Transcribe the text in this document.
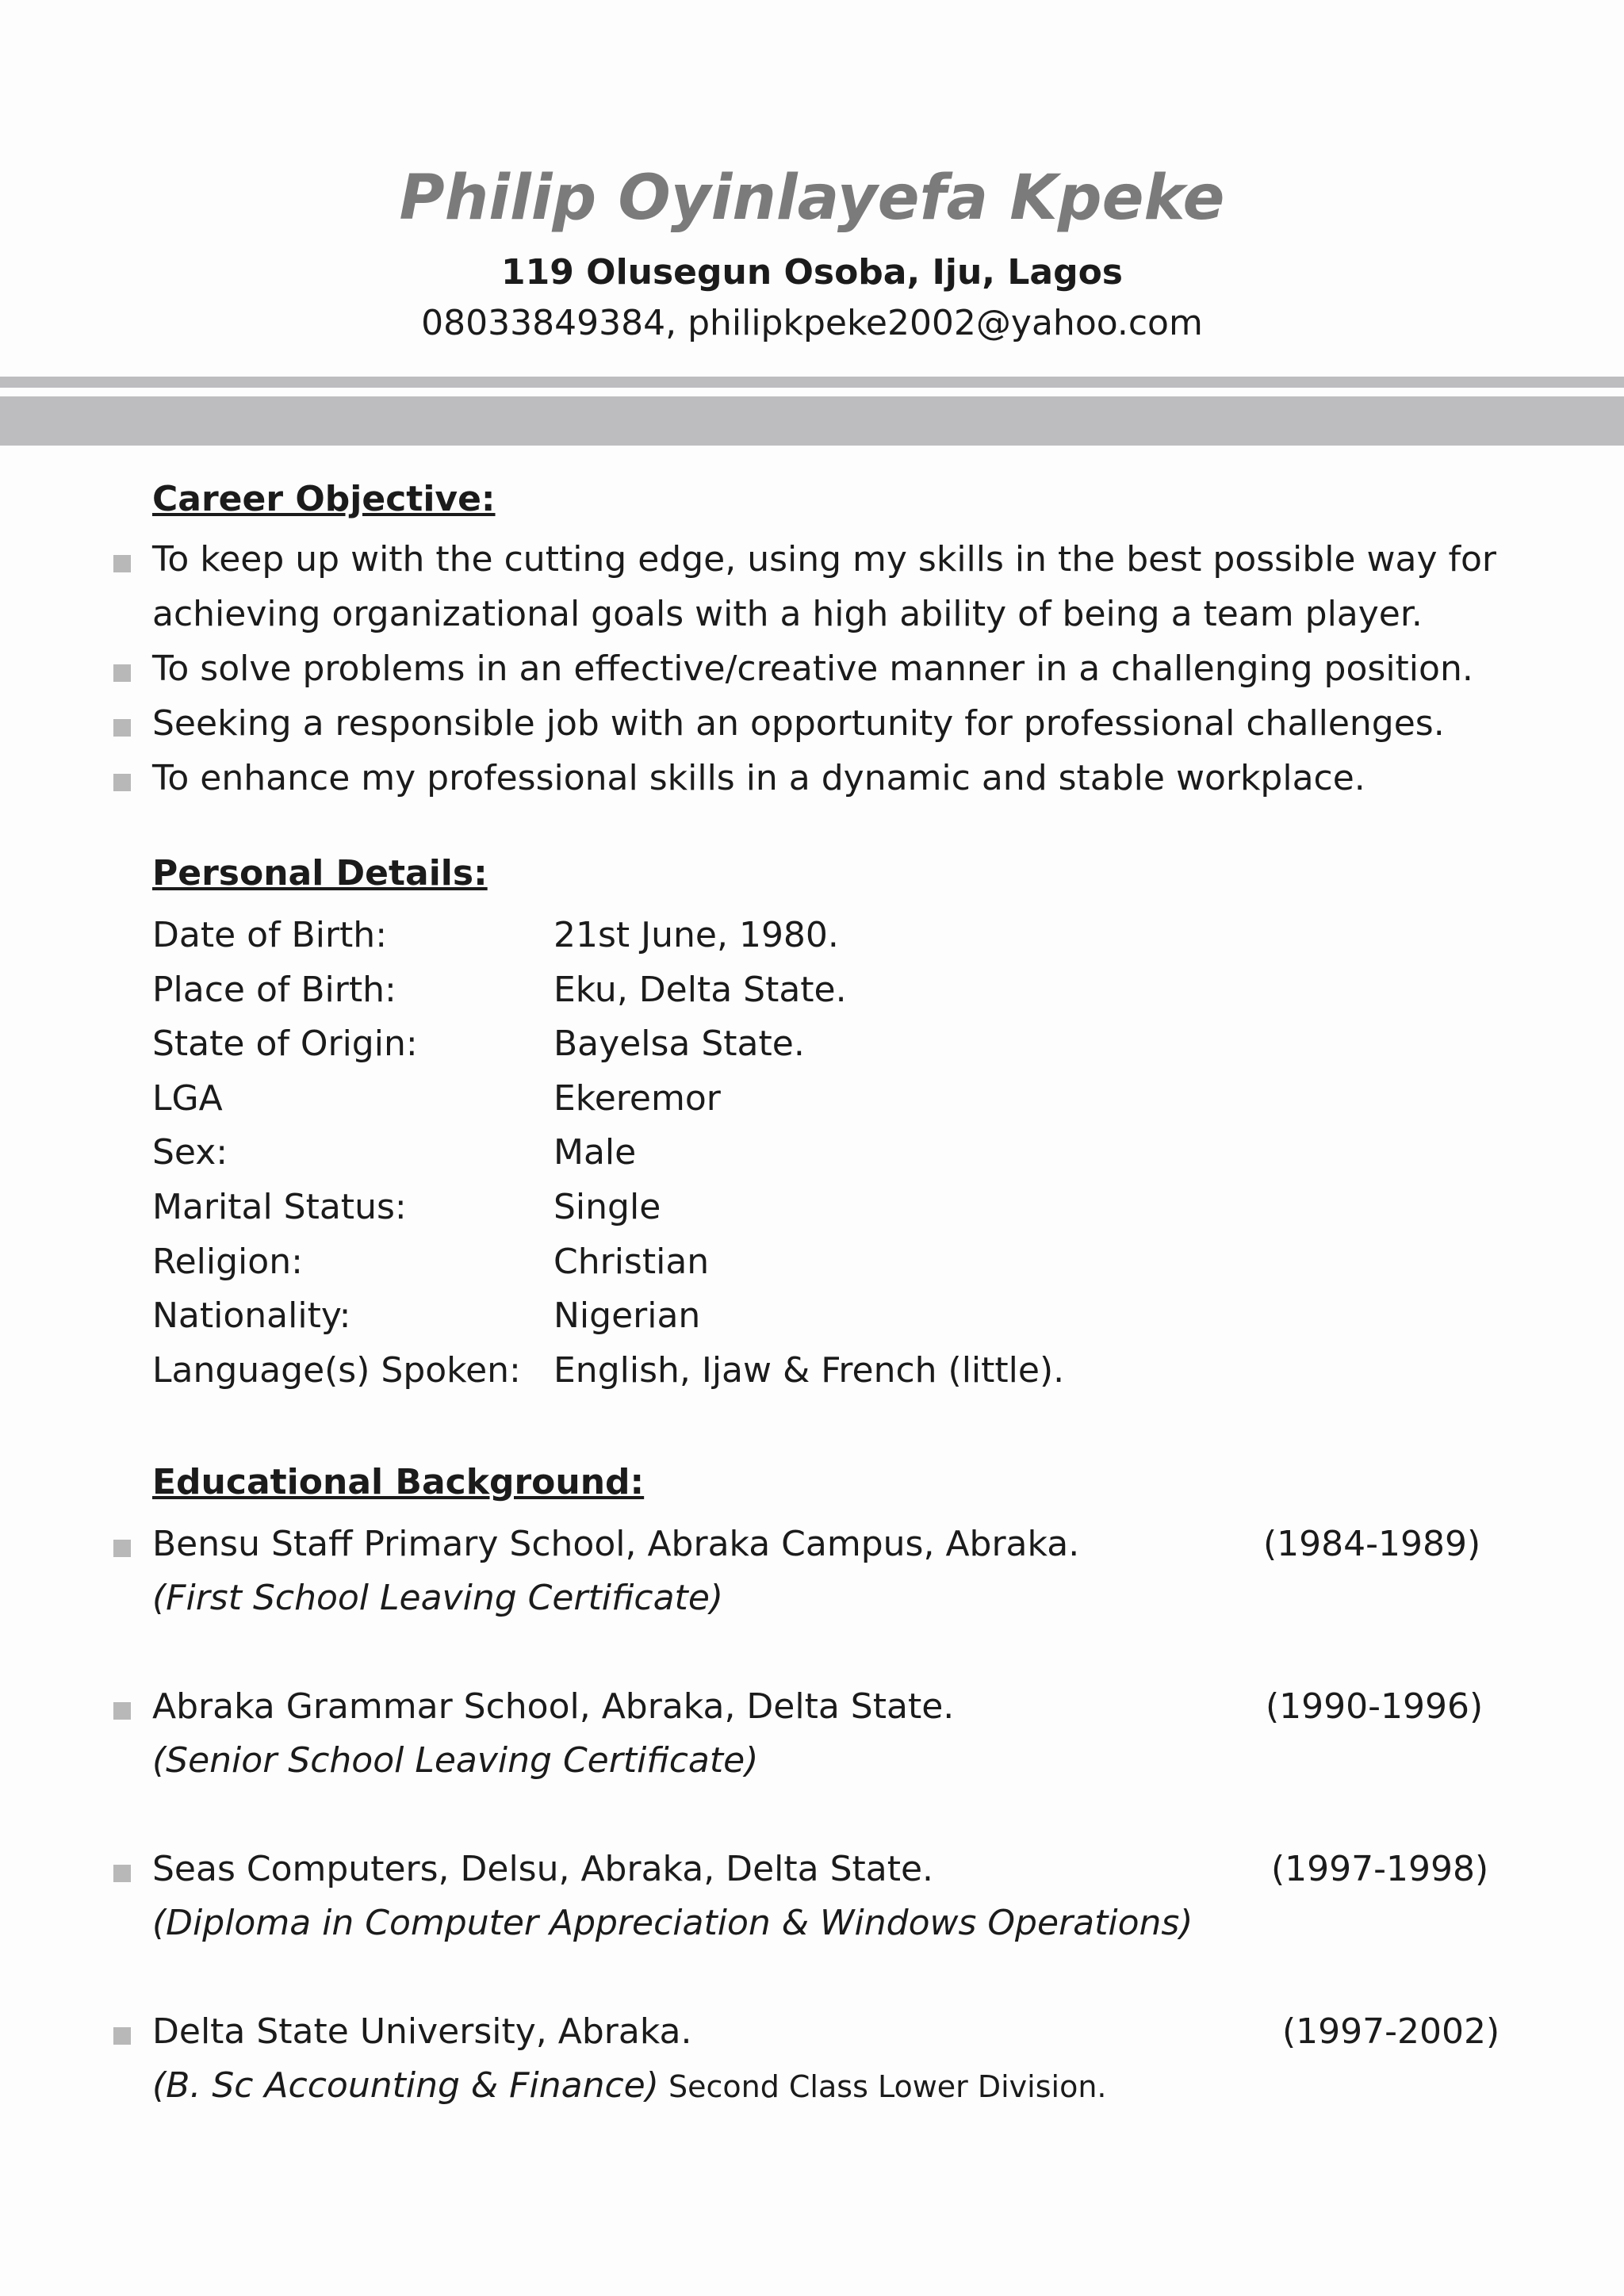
Philip Oyinlayefa Kpeke
119 Olusegun Osoba, Iju, Lagos
08033849384, philipkpeke2002@yahoo.com
Career Objective:
To keep up with the cutting edge, using my skills in the best possible way for
achieving organizational goals with a high ability of being a team player.
To solve problems in an effective/creative manner in a challenging position.
Seeking a responsible job with an opportunity for professional challenges.
To enhance my professional skills in a dynamic and stable workplace.
Personal Details:
Date of Birth:	21st June, 1980.
Place of Birth:	Eku, Delta State.
State of Origin:	Bayelsa State.
LGA	Ekeremor
Sex:	Male
Marital Status:	Single
Religion:	Christian
Nationality:	Nigerian
Language(s) Spoken: English, Ijaw & French (little).
Educational Background:
Bensu Staff Primary School, Abraka Campus, Abraka.	(1984-1989)
(First School Leaving Certificate)
Abraka Grammar School, Abraka, Delta State.	(1990-1996)
(Senior School Leaving Certificate)
Seas Computers, Delsu, Abraka, Delta State.	(1997-1998)
(Diploma in Computer Appreciation & Windows Operations)
Delta State University, Abraka.	(1997-2002)
(B. Sc Accounting & Finance) Second Class Lower Division.
